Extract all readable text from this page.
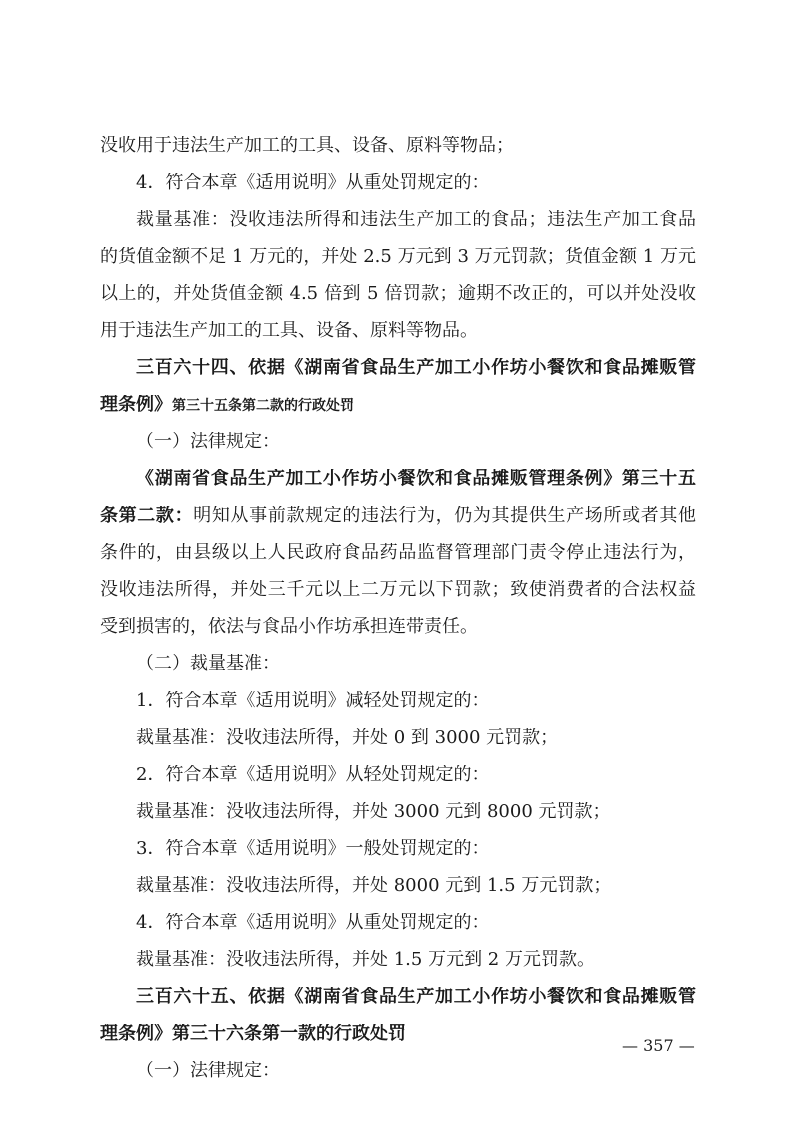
没收用于违法生产加工的工具、设备、原料等物品；
4．符合本章《适用说明》从重处罚规定的：
裁量基准：没收违法所得和违法生产加工的食品；违法生产加工食品
的货值金额不足 1 万元的，并处 2.5 万元到 3 万元罚款；货值金额 1 万元
以上的，并处货值金额 4.5 倍到 5 倍罚款；逾期不改正的，可以并处没收
用于违法生产加工的工具、设备、原料等物品。
三百六十四、依据《湖南省食品生产加工小作坊小餐饮和食品摊贩管
理条例》第三十五条第二款的行政处罚
（一）法律规定：
《湖南省食品生产加工小作坊小餐饮和食品摊贩管理条例》第三十五
条第二款：明知从事前款规定的违法行为，仍为其提供生产场所或者其他
条件的，由县级以上人民政府食品药品监督管理部门责令停止违法行为，
没收违法所得，并处三千元以上二万元以下罚款；致使消费者的合法权益
受到损害的，依法与食品小作坊承担连带责任。
（二）裁量基准：
1．符合本章《适用说明》减轻处罚规定的：
裁量基准：没收违法所得，并处 0 到 3000 元罚款；
2．符合本章《适用说明》从轻处罚规定的：
裁量基准：没收违法所得，并处 3000 元到 8000 元罚款；
3．符合本章《适用说明》一般处罚规定的：
裁量基准：没收违法所得，并处 8000 元到 1.5 万元罚款；
4．符合本章《适用说明》从重处罚规定的：
裁量基准：没收违法所得，并处 1.5 万元到 2 万元罚款。
三百六十五、依据《湖南省食品生产加工小作坊小餐饮和食品摊贩管
理条例》第三十六条第一款的行政处罚
（一）法律规定：
— 357 —
